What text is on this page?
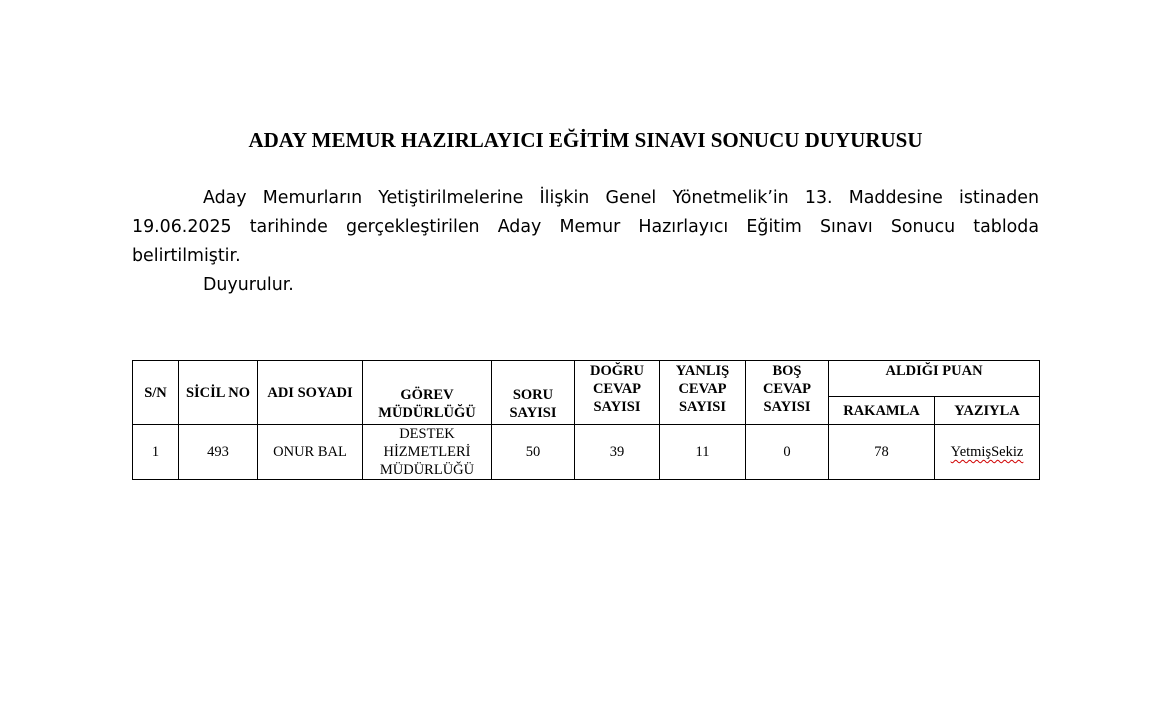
ADAY MEMUR HAZIRLAYICI EĞİTİM SINAVI SONUCU DUYURUSU

Aday Memurların Yetiştirilmelerine İlişkin Genel Yönetmelik’in 13. Maddesine istinaden 19.06.2025 tarihinde gerçekleştirilen Aday Memur Hazırlayıcı Eğitim Sınavı Sonucu tabloda belirtilmiştir.

Duyurulur.

S/N	SİCİL NO	ADI SOYADI	GÖREV MÜDÜRLÜĞÜ	SORU SAYISI	DOĞRU CEVAP SAYISI	YANLIŞ CEVAP SAYISI	BOŞ CEVAP SAYISI	ALDIĞI PUAN	
								RAKAMLA	YAZIYLA
1	493	ONUR BAL	DESTEK
HİZMETLERİ
MÜDÜRLÜĞÜ	50	39	11	0	78	YetmişSekiz
